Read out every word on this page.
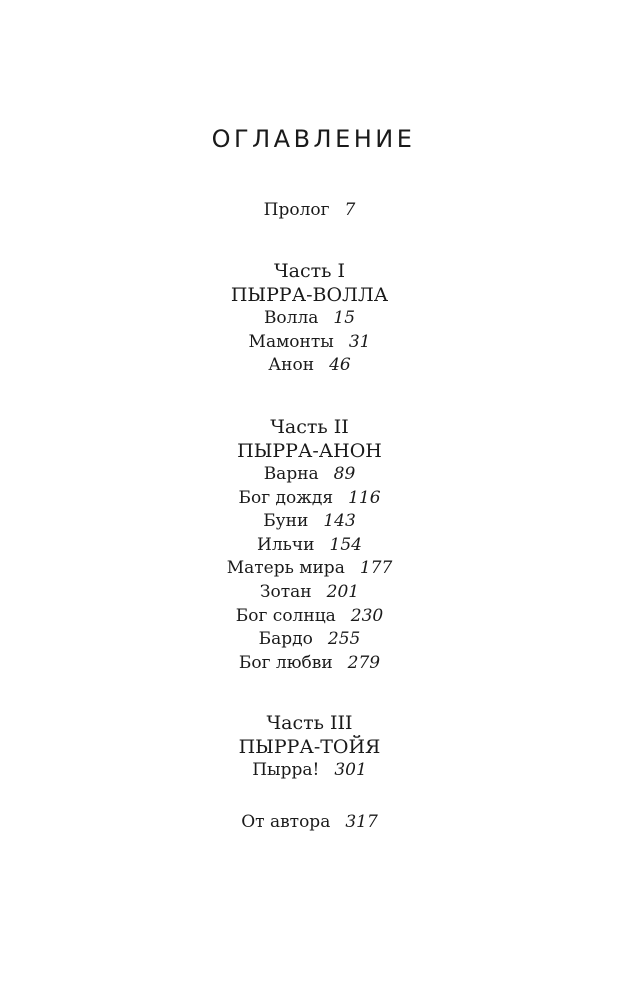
ОГЛАВЛЕНИЕ
Пролог 7
Часть I
ПЫРРА-ВОЛЛА
Волла 15
Мамонты 31
Анон 46
Часть II
ПЫРРА-АНОН
Варна 89
Бог дождя 116
Буни 143
Ильчи 154
Матерь мира 177
Зотан 201
Бог солнца 230
Бардо 255
Бог любви 279
Часть III
ПЫРРА-ТОЙЯ
Пырра! 301
От автора 317
